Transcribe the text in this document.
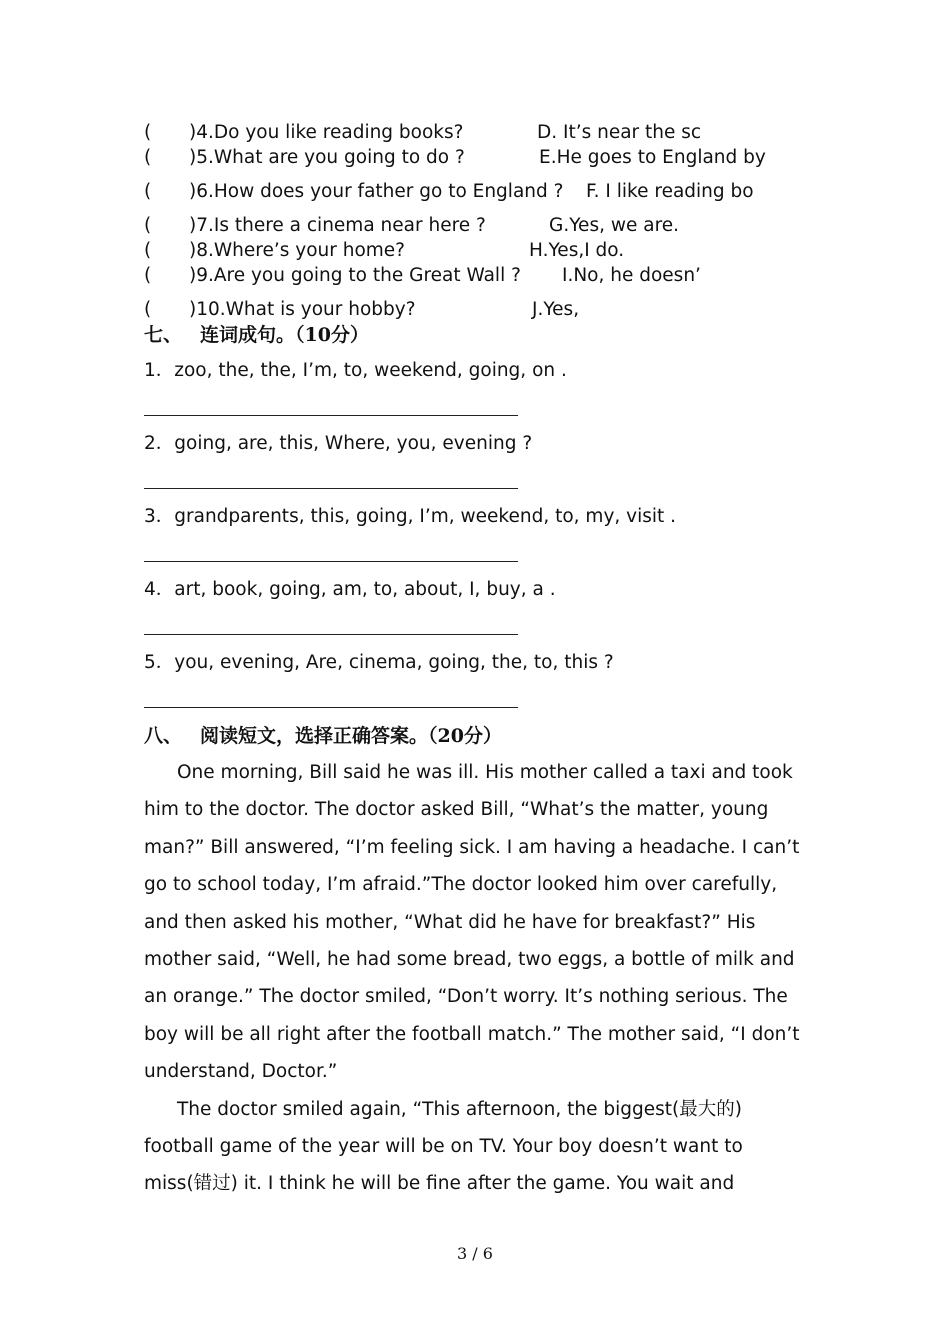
( )4.Do you like reading books?	D. It’s near the sc
( )5.What are you going to do ?	E.He goes to England by
( )6.How does your father go to England ? F. I like reading bo
( )7.Is there a cinema near here ?	G.Yes, we are.
( )8.Where’s your home?	H.Yes,I do.
( )9.Are you going to the Great Wall ? I.No, he doesn’
( )10.What is your hobby?	J.Yes,
七、 连词成句。（10分）
1．zoo, the, the, I’m, to, weekend, going, on .
2．going, are, this, Where, you, evening ?
3．grandparents, this, going, I’m, weekend, to, my, visit .
4．art, book, going, am, to, about, I, buy, a .
5．you, evening, Are, cinema, going, the, to, this ?
八、 阅读短文，选择正确答案。（20分）

One morning, Bill said he was ill. His mother called a taxi and took him to the doctor. The doctor asked Bill, “What’s the matter, young man?” Bill answered, “I’m feeling sick. I am having a headache. I can’t go to school today, I’m afraid.”The doctor looked him over carefully, and then asked his mother, “What did he have for breakfast?” His mother said, “Well, he had some bread, two eggs, a bottle of milk and an orange.” The doctor smiled, “Don’t worry. It’s nothing serious. The boy will be all right after the football match.” The mother said, “I don’t understand, Doctor.”

The doctor smiled again, “This afternoon, the biggest(最大的) football game of the year will be on TV. Your boy doesn’t want to miss(错过) it. I think he will be fine after the game. You wait and

3 / 6
